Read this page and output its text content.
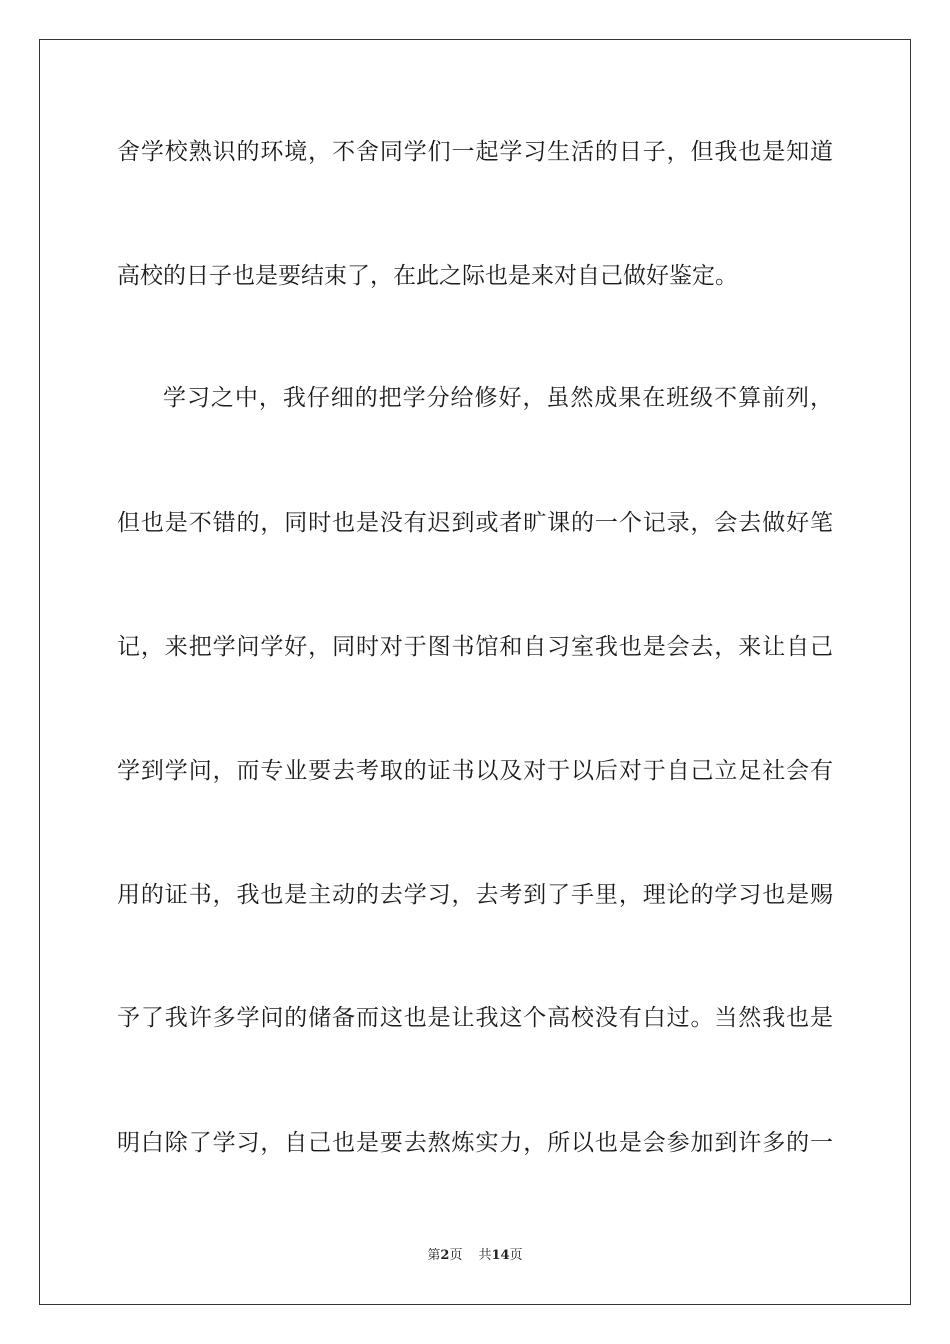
舍学校熟识的环境，不舍同学们一起学习生活的日子，但我也是知道
高校的日子也是要结束了，在此之际也是来对自己做好鉴定。
学习之中，我仔细的把学分给修好，虽然成果在班级不算前列，
但也是不错的，同时也是没有迟到或者旷课的一个记录，会去做好笔
记，来把学问学好，同时对于图书馆和自习室我也是会去，来让自己
学到学问，而专业要去考取的证书以及对于以后对于自己立足社会有
用的证书，我也是主动的去学习，去考到了手里，理论的学习也是赐
予了我许多学问的储备而这也是让我这个高校没有白过。当然我也是
明白除了学习，自己也是要去熬炼实力，所以也是会参加到许多的一
第2页 共14页
